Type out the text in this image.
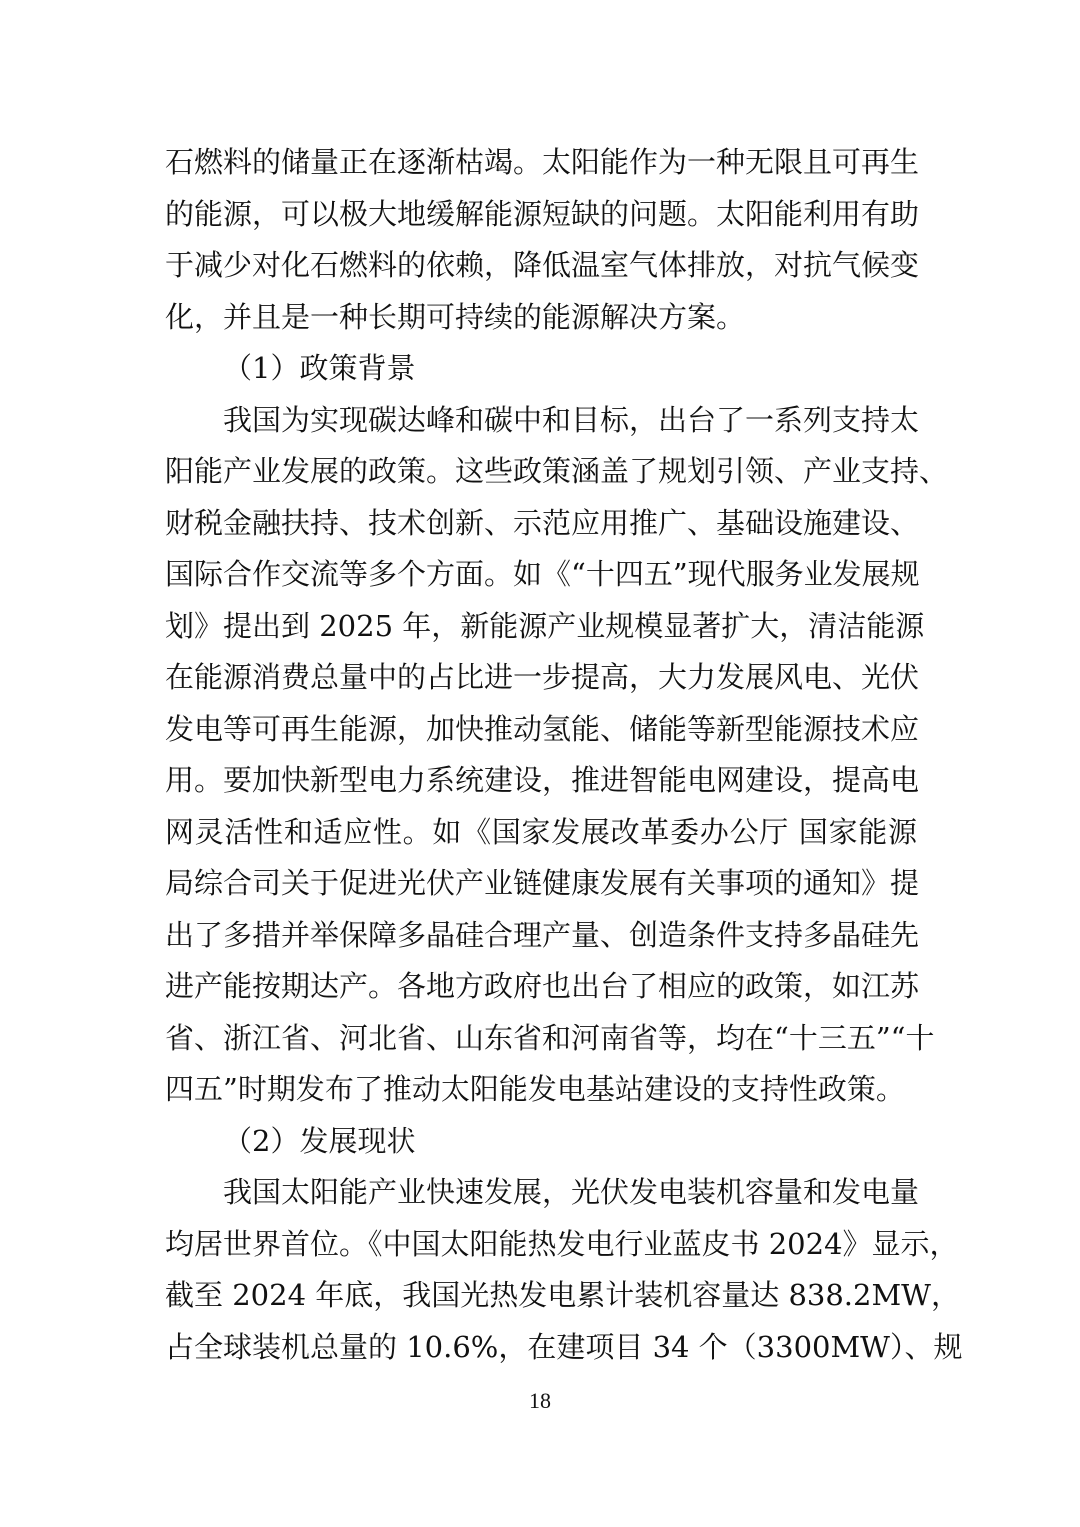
石燃料的储量正在逐渐枯竭。太阳能作为一种无限且可再生
的能源，可以极大地缓解能源短缺的问题。太阳能利用有助
于减少对化石燃料的依赖，降低温室气体排放，对抗气候变
化，并且是一种长期可持续的能源解决方案。
（1）政策背景
我国为实现碳达峰和碳中和目标，出台了一系列支持太
阳能产业发展的政策。这些政策涵盖了规划引领、产业支持、
财税金融扶持、技术创新、示范应用推广、基础设施建设、
国际合作交流等多个方面。如《“十四五”现代服务业发展规
划》提出到 2025 年，新能源产业规模显著扩大，清洁能源
在能源消费总量中的占比进一步提高，大力发展风电、光伏
发电等可再生能源，加快推动氢能、储能等新型能源技术应
用。要加快新型电力系统建设，推进智能电网建设，提高电
网灵活性和适应性。如《国家发展改革委办公厅 国家能源
局综合司关于促进光伏产业链健康发展有关事项的通知》提
出了多措并举保障多晶硅合理产量、创造条件支持多晶硅先
进产能按期达产。各地方政府也出台了相应的政策，如江苏
省、浙江省、河北省、山东省和河南省等，均在“十三五”“十
四五”时期发布了推动太阳能发电基站建设的支持性政策。
（2）发展现状
我国太阳能产业快速发展，光伏发电装机容量和发电量
均居世界首位。《中国太阳能热发电行业蓝皮书 2024》显示，
截至 2024 年底，我国光热发电累计装机容量达 838.2MW，
占全球装机总量的 10.6%，在建项目 34 个（3300MW）、规
18
